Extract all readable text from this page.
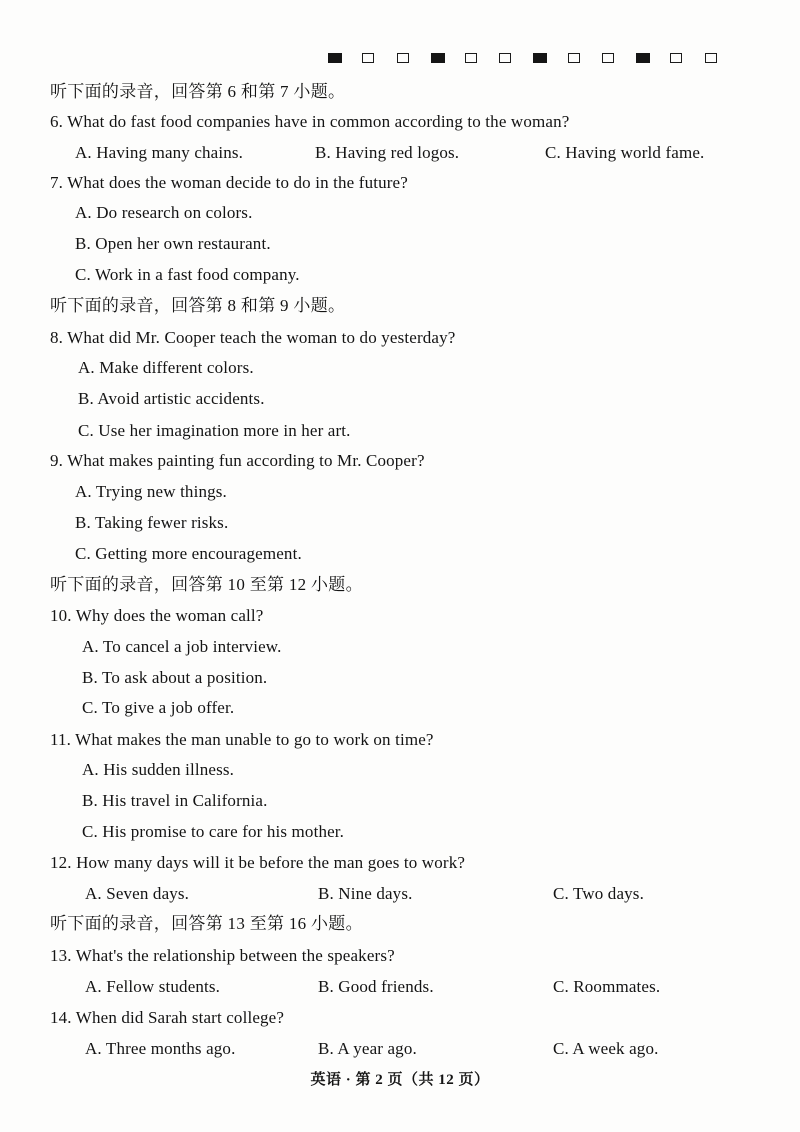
听下面的录音，回答第 6 和第 7 小题。
6. What do fast food companies have in common according to the woman?
A. Having many chains.	B. Having red logos.	C. Having world fame.
7. What does the woman decide to do in the future?
A. Do research on colors.
B. Open her own restaurant.
C. Work in a fast food company.
听下面的录音，回答第 8 和第 9 小题。
8. What did Mr. Cooper teach the woman to do yesterday?
A. Make different colors.
B. Avoid artistic accidents.
C. Use her imagination more in her art.
9. What makes painting fun according to Mr. Cooper?
A. Trying new things.
B. Taking fewer risks.
C. Getting more encouragement.
听下面的录音，回答第 10 至第 12 小题。
10. Why does the woman call?
A. To cancel a job interview.
B. To ask about a position.
C. To give a job offer.
11. What makes the man unable to go to work on time?
A. His sudden illness.
B. His travel in California.
C. His promise to care for his mother.
12. How many days will it be before the man goes to work?
A. Seven days.	B. Nine days.	C. Two days.
听下面的录音，回答第 13 至第 16 小题。
13. What's the relationship between the speakers?
A. Fellow students.	B. Good friends.	C. Roommates.
14. When did Sarah start college?
A. Three months ago.	B. A year ago.	C. A week ago.
英语 · 第 2 页（共 12 页）
